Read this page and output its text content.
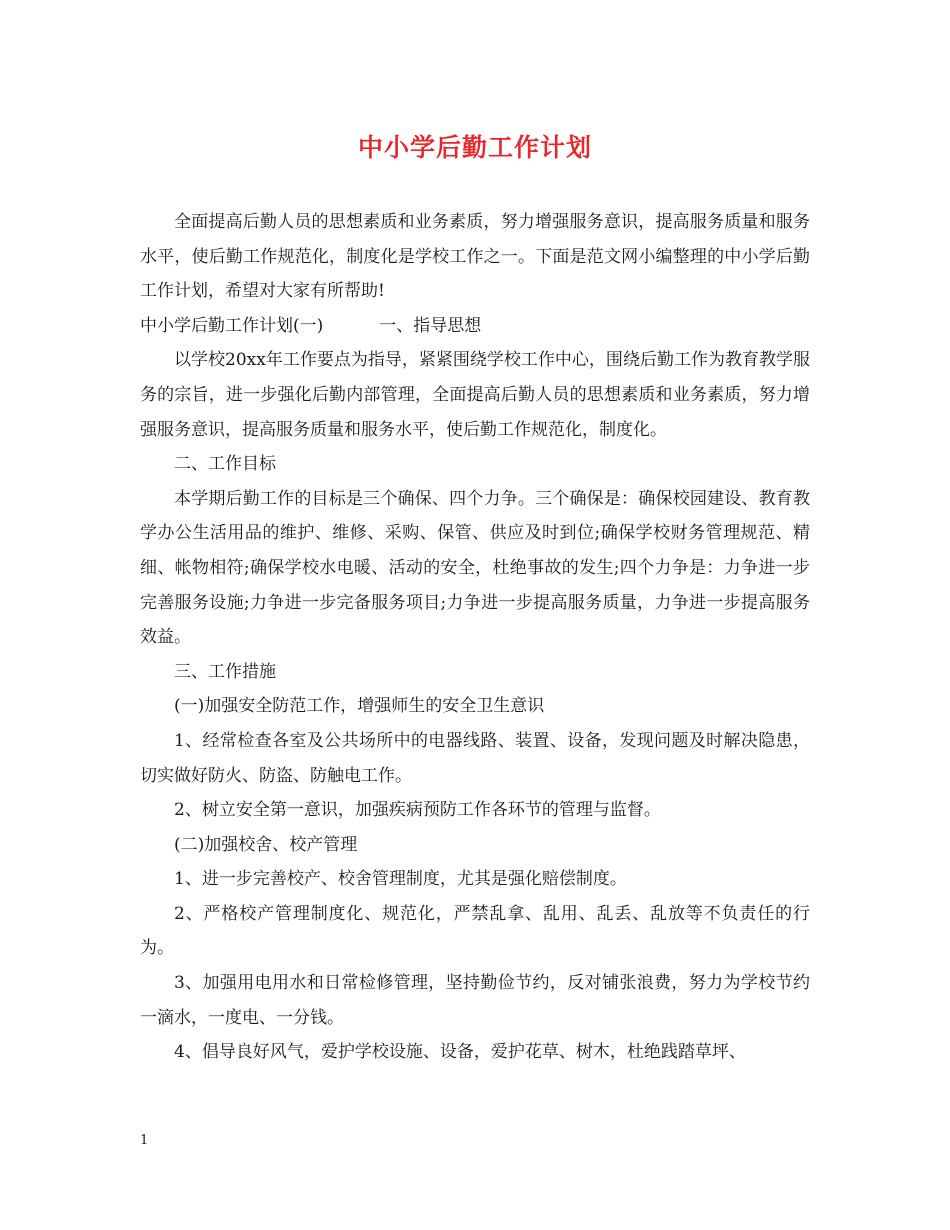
中小学后勤工作计划

全面提高后勤人员的思想素质和业务素质，努力增强服务意识，提高服务质量和服务水平，使后勤工作规范化，制度化是学校工作之一。下面是范文网小编整理的中小学后勤工作计划，希望对大家有所帮助!

中小学后勤工作计划(一)	一、指导思想

以学校20xx年工作要点为指导，紧紧围绕学校工作中心，围绕后勤工作为教育教学服务的宗旨，进一步强化后勤内部管理，全面提高后勤人员的思想素质和业务素质，努力增强服务意识，提高服务质量和服务水平，使后勤工作规范化，制度化。

二、工作目标

本学期后勤工作的目标是三个确保、四个力争。三个确保是：确保校园建设、教育教学办公生活用品的维护、维修、采购、保管、供应及时到位;确保学校财务管理规范、精细、帐物相符;确保学校水电暖、活动的安全，杜绝事故的发生;四个力争是：力争进一步完善服务设施;力争进一步完备服务项目;力争进一步提高服务质量，力争进一步提高服务效益。

三、工作措施

(一)加强安全防范工作，增强师生的安全卫生意识

1、经常检查各室及公共场所中的电器线路、装置、设备，发现问题及时解决隐患，切实做好防火、防盗、防触电工作。

2、树立安全第一意识，加强疾病预防工作各环节的管理与监督。

(二)加强校舍、校产管理

1、进一步完善校产、校舍管理制度，尤其是强化赔偿制度。

2、严格校产管理制度化、规范化，严禁乱拿、乱用、乱丢、乱放等不负责任的行为。

3、加强用电用水和日常检修管理，坚持勤俭节约，反对铺张浪费，努力为学校节约一滴水，一度电、一分钱。

4、倡导良好风气，爱护学校设施、设备，爱护花草、树木，杜绝践踏草坪、

1
